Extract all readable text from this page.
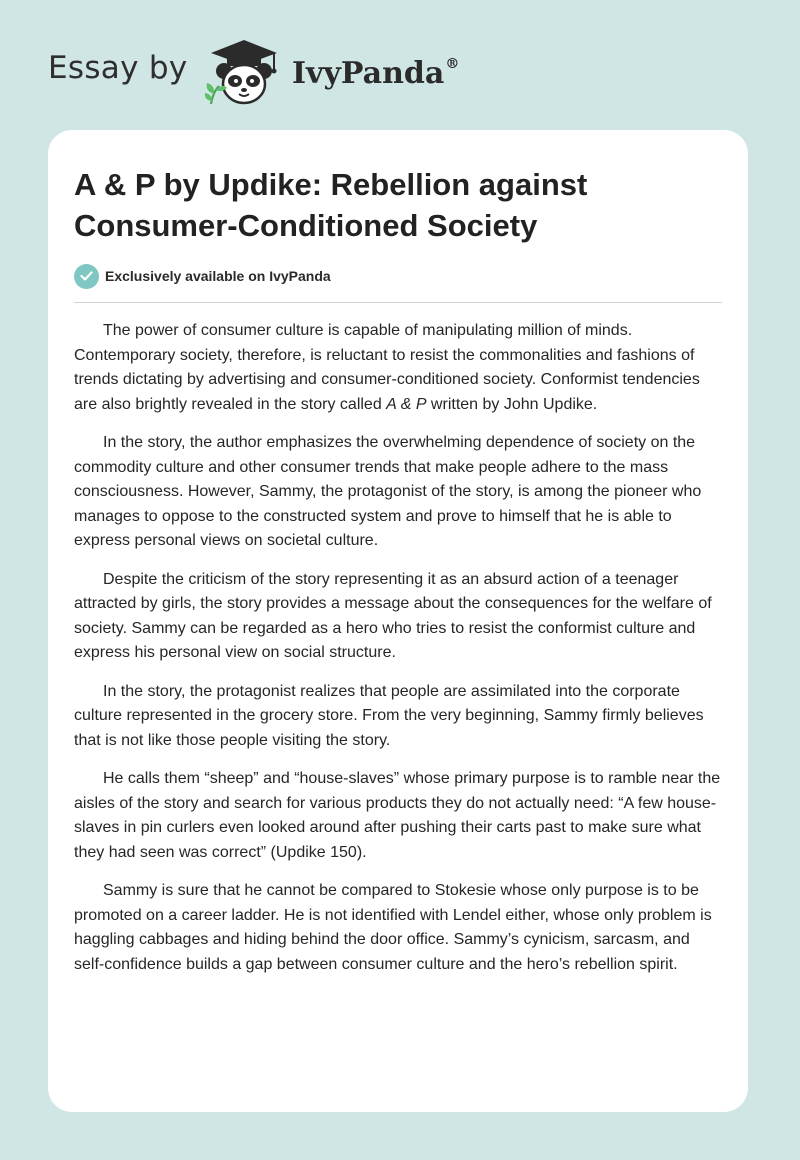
Essay by	IvyPanda®
A & P by Updike: Rebellion against Consumer-Conditioned Society
Exclusively available on IvyPanda

The power of consumer culture is capable of manipulating million of minds. Contemporary society, therefore, is reluctant to resist the commonalities and fashions of trends dictating by advertising and consumer-conditioned society. Conformist tendencies are also brightly revealed in the story called A & P written by John Updike.

In the story, the author emphasizes the overwhelming dependence of society on the commodity culture and other consumer trends that make people adhere to the mass consciousness. However, Sammy, the protagonist of the story, is among the pioneer who manages to oppose to the constructed system and prove to himself that he is able to express personal views on societal culture.

Despite the criticism of the story representing it as an absurd action of a teenager attracted by girls, the story provides a message about the consequences for the welfare of society. Sammy can be regarded as a hero who tries to resist the conformist culture and express his personal view on social structure.

In the story, the protagonist realizes that people are assimilated into the corporate culture represented in the grocery store. From the very beginning, Sammy firmly believes that is not like those people visiting the story.

He calls them “sheep” and “house-slaves” whose primary purpose is to ramble near the aisles of the story and search for various products they do not actually need: “A few house-slaves in pin curlers even looked around after pushing their carts past to make sure what they had seen was correct” (Updike 150).

Sammy is sure that he cannot be compared to Stokesie whose only purpose is to be promoted on a career ladder. He is not identified with Lendel either, whose only problem is haggling cabbages and hiding behind the door office. Sammy’s cynicism, sarcasm, and self-confidence builds a gap between consumer culture and the hero’s rebellion spirit.
